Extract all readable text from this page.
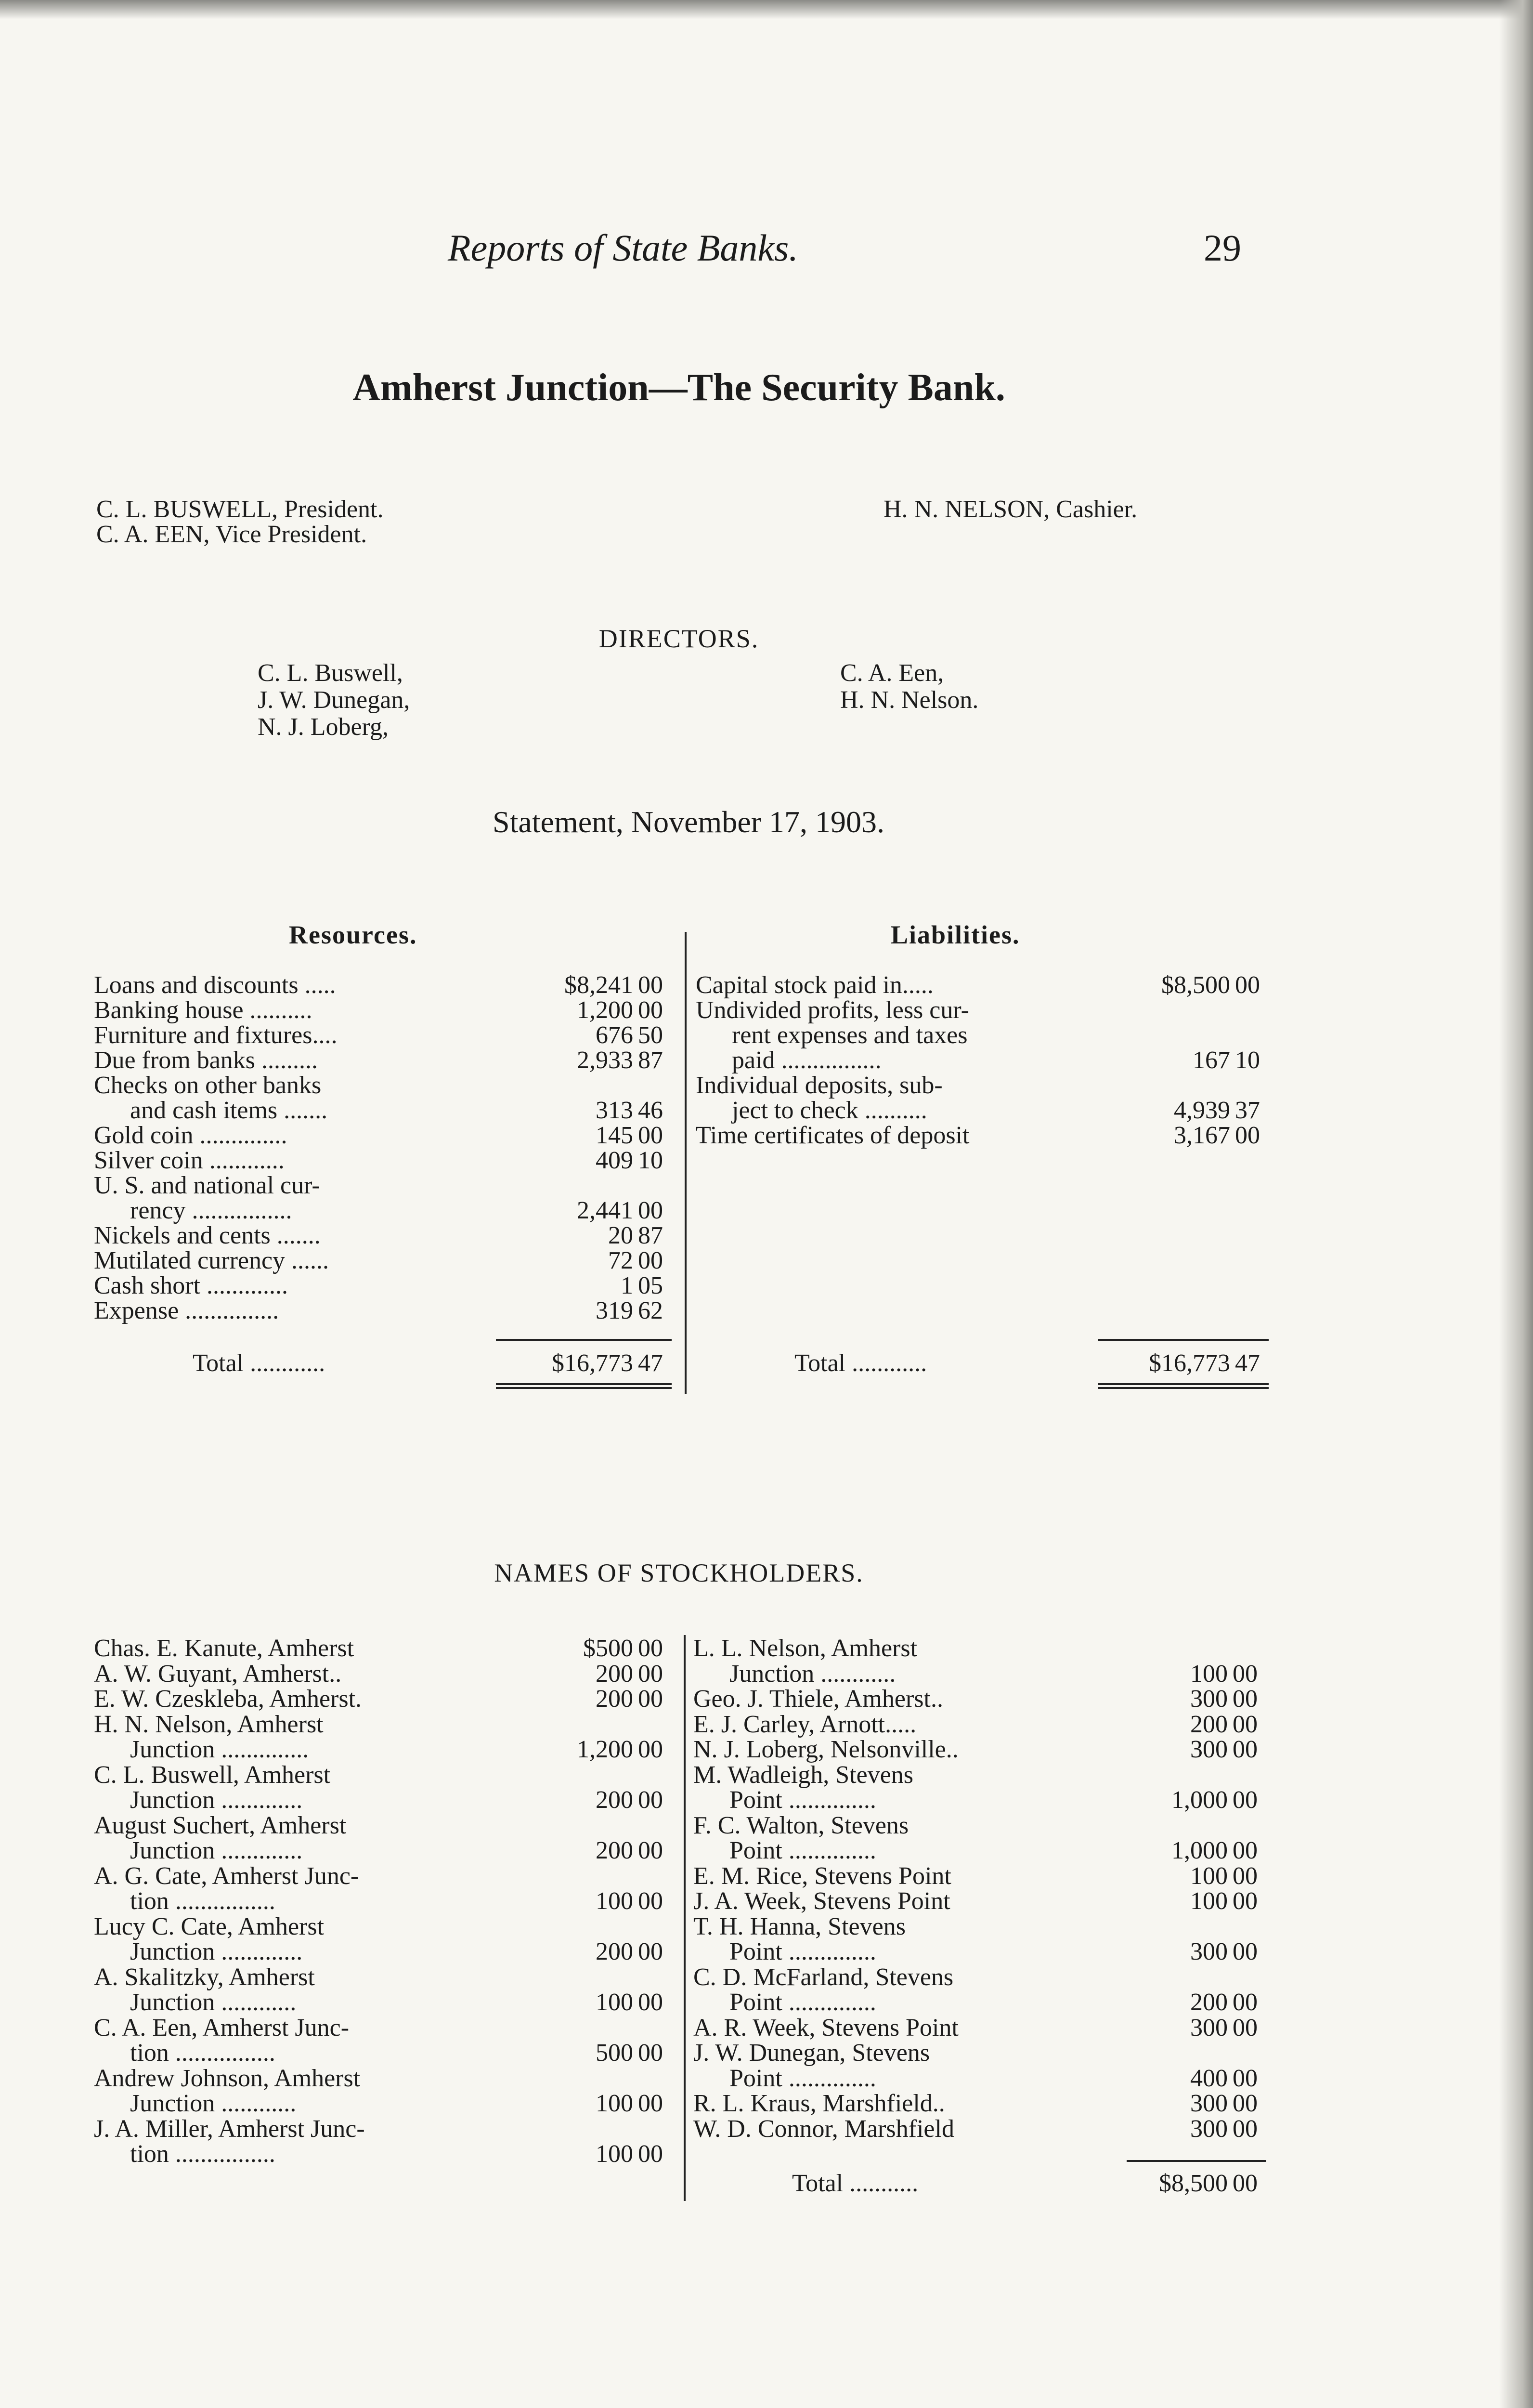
Reports of State Banks.	29
Amherst Junction—The Security Bank.
C. L. BUSWELL, President.
C. A. EEN, Vice President.
H. N. NELSON, Cashier.
DIRECTORS.
C. L. Buswell,
J. W. Dunegan,
N. J. Loberg,
C. A. Een,
H. N. Nelson.
Statement, November 17, 1903.
Resources.	Liabilities.
Loans and discounts .....	$8,241 00
Banking house ..........	1,200 00
Furniture and fixtures....	676 50
Due from banks .........	2,933 87
Checks on other banks
and cash items .......	313 46
Gold coin ..............	145 00
Silver coin ............	409 10
U. S. and national cur-
rency ................	2,441 00
Nickels and cents .......	20 87
Mutilated currency ......	72 00
Cash short .............	1 05
Expense ...............	319 62
Capital stock paid in.....	$8,500 00
Undivided profits, less cur-
rent expenses and taxes
paid ................	167 10
Individual deposits, sub-
ject to check ..........	4,939 37
Time certificates of deposit	3,167 00
Total ............	$16,773 47	Total ............	$16,773 47
NAMES OF STOCKHOLDERS.
Chas. E. Kanute, Amherst	$500 00
A. W. Guyant, Amherst..	200 00
E. W. Czeskleba, Amherst.	200 00
H. N. Nelson, Amherst
Junction ..............	1,200 00
C. L. Buswell, Amherst
Junction .............	200 00
August Suchert, Amherst
Junction .............	200 00
A. G. Cate, Amherst Junc-
tion ................	100 00
Lucy C. Cate, Amherst
Junction .............	200 00
A. Skalitzky, Amherst
Junction ............	100 00
C. A. Een, Amherst Junc-
tion ................	500 00
Andrew Johnson, Amherst
Junction ............	100 00
J. A. Miller, Amherst Junc-
tion ................	100 00
L. L. Nelson, Amherst
Junction ............	100 00
Geo. J. Thiele, Amherst..	300 00
E. J. Carley, Arnott.....	200 00
N. J. Loberg, Nelsonville..	300 00
M. Wadleigh, Stevens
Point ..............	1,000 00
F. C. Walton, Stevens
Point ..............	1,000 00
E. M. Rice, Stevens Point	100 00
J. A. Week, Stevens Point	100 00
T. H. Hanna, Stevens
Point ..............	300 00
C. D. McFarland, Stevens
Point ..............	200 00
A. R. Week, Stevens Point	300 00
J. W. Dunegan, Stevens
Point ..............	400 00
R. L. Kraus, Marshfield..	300 00
W. D. Connor, Marshfield	300 00
Total ...........	$8,500 00
